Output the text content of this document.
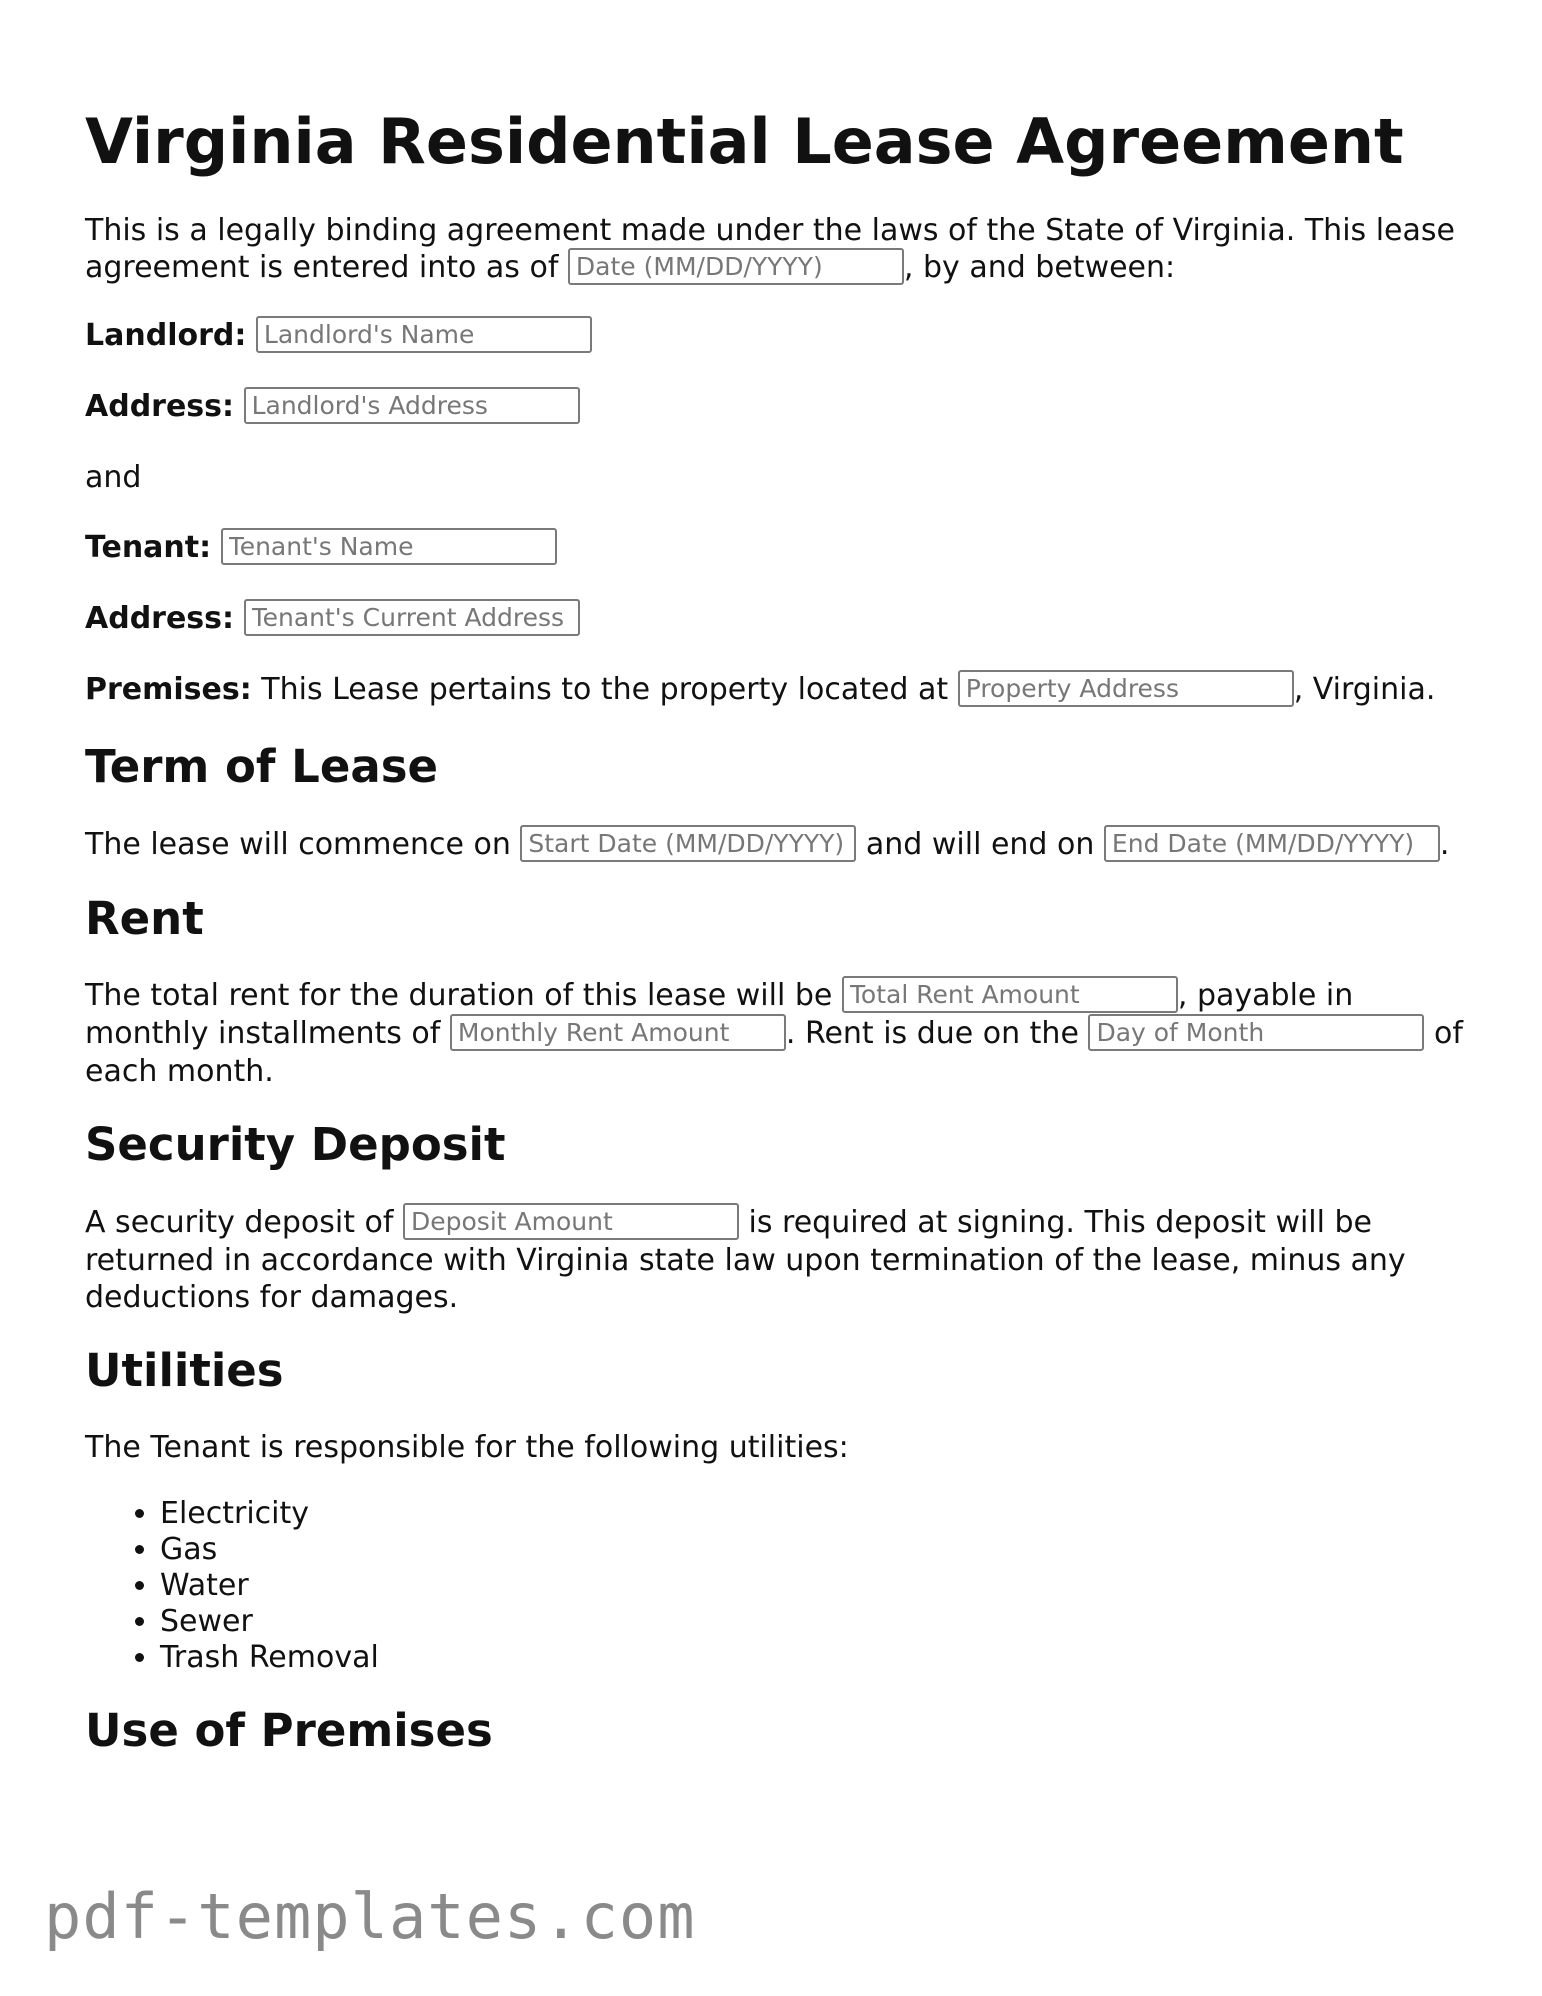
Virginia Residential Lease Agreement

This is a legally binding agreement made under the laws of the State of Virginia. This lease agreement is entered into as of Date (MM/DD/YYYY)	, by and between:

Landlord: Landlord's Name
Address: Landlord's Address
and
Tenant: Tenant's Name
Address: Tenant's Current Address
Premises: This Lease pertains to the property located at Property Address	, Virginia.
Term of Lease

The lease will commence on Start Date (MM/DD/YYYY)	and will end on End Date (MM/DD/YYYY)	.

Rent

The total rent for the duration of this lease will be Total Rent Amount	, payable in monthly installments of Monthly Rent Amount	. Rent is due on the Day of Month	of each month.

Security Deposit

A security deposit of Deposit Amount	is required at signing. This deposit will be returned in accordance with Virginia state law upon termination of the lease, minus any deductions for damages.

Utilities

The Tenant is responsible for the following utilities:

• Electricity
• Gas
• Water
• Sewer
• Trash Removal
Use of Premises
pdf-templates.com
